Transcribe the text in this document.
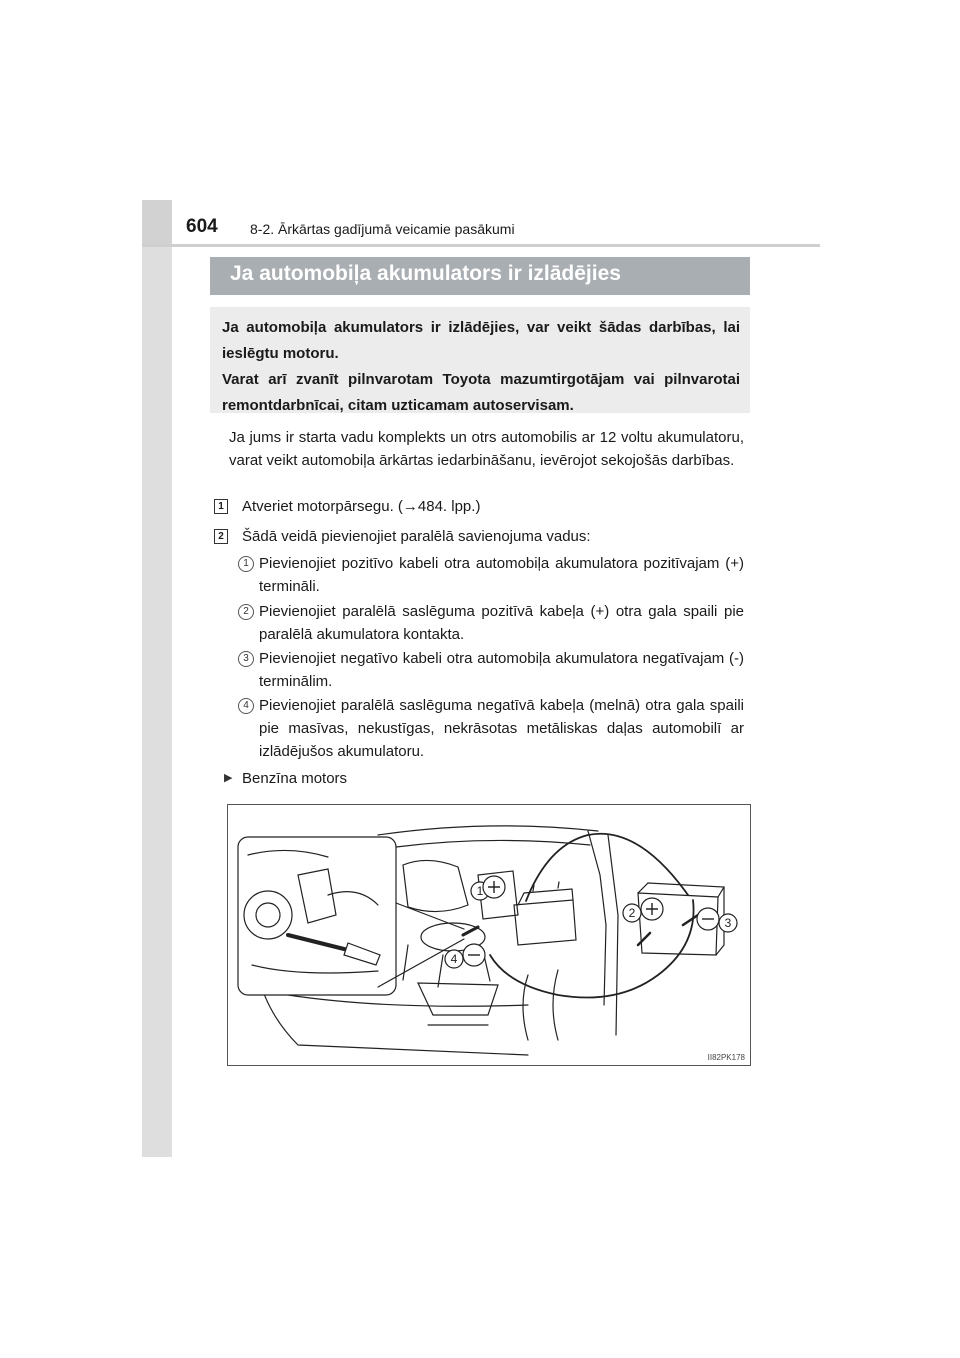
604 8-2. Ārkārtas gadījumā veicamie pasākumi
Ja automobiļa akumulators ir izlādējies

Ja automobiļa akumulators ir izlādējies, var veikt šādas darbības, lai ieslēgtu motoru.

Varat arī zvanīt pilnvarotam Toyota mazumtirgotājam vai pilnvarotai remontdarbnīcai, citam uzticamam autoservisam.

Ja jums ir starta vadu komplekts un otrs automobilis ar 12 voltu akumulatoru, varat veikt automobiļa ārkārtas iedarbināšanu, ievērojot sekojošās darbības.

1 Atveriet motorpārsegu. (→484. lpp.)
2 Šādā veidā pievienojiet paralēlā savienojuma vadus:
1 Pievienojiet pozitīvo kabeli otra automobiļa akumulatora pozitīvajam (+) termināli.

2 Pievienojiet paralēlā saslēguma pozitīvā kabeļa (+) otra gala spaili pie paralēlā akumulatora kontakta.

3 Pievienojiet negatīvo kabeli otra automobiļa akumulatora negatīvajam (-) terminālim.

4 Pievienojiet paralēlā saslēguma negatīvā kabeļa (melnā) otra gala spaili pie masīvas, nekustīgas, nekrāsotas metāliskas daļas automobilī ar izlādējušos akumulatoru.

▶ Benzīna motors
1
2
3
4
II82PK178
